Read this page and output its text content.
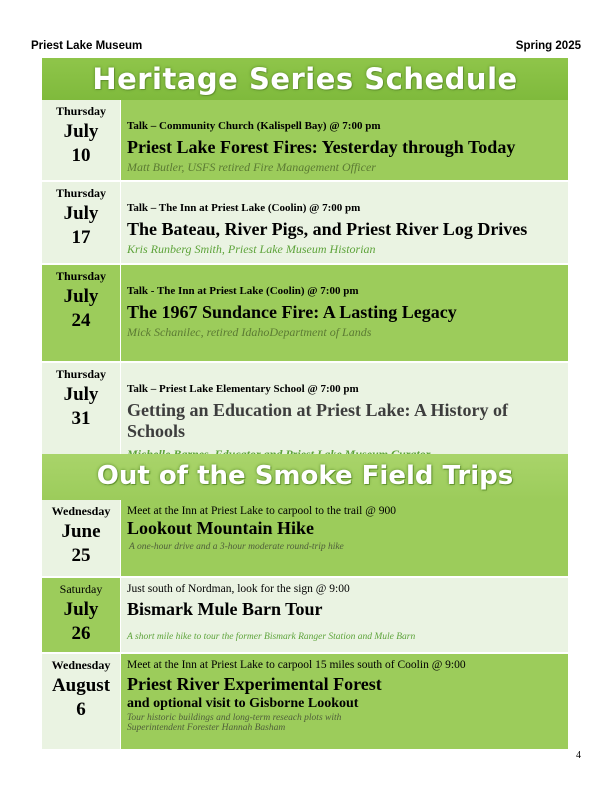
Priest Lake Museum	Spring 2025
Heritage Series Schedule
Thursday
July
10
Talk – Community Church (Kalispell Bay) @ 7:00 pm
Priest Lake Forest Fires: Yesterday through Today
Matt Butler, USFS retired Fire Management Officer
Thursday
July
17
Talk – The Inn at Priest Lake (Coolin) @ 7:00 pm
The Bateau, River Pigs, and Priest River Log Drives
Kris Runberg Smith, Priest Lake Museum Historian
Thursday
July
24
Talk - The Inn at Priest Lake (Coolin) @ 7:00 pm
The 1967 Sundance Fire: A Lasting Legacy
Mick Schanilec, retired IdahoDepartment of Lands
Thursday
July
31
Talk – Priest Lake Elementary School @ 7:00 pm
Getting an Education at Priest Lake: A History of Schools
Out of the Smoke Field Trips
Wednesday
June
25
Meet at the Inn at Priest Lake to carpool to the trail @ 900
Lookout Mountain Hike
A one-hour drive and a 3-hour moderate round-trip hike
Saturday
July
26
Just south of Nordman, look for the sign @ 9:00
Bismark Mule Barn Tour
A short mile hike to tour the former Bismark Ranger Station and Mule Barn
Wednesday
August
6
Meet at the Inn at Priest Lake to carpool 15 miles south of Coolin @ 9:00
Priest River Experimental Forest
and optional visit to Gisborne Lookout
Tour historic buildings and long-term reseach plots with
Superintendent Forester Hannah Basham
4
